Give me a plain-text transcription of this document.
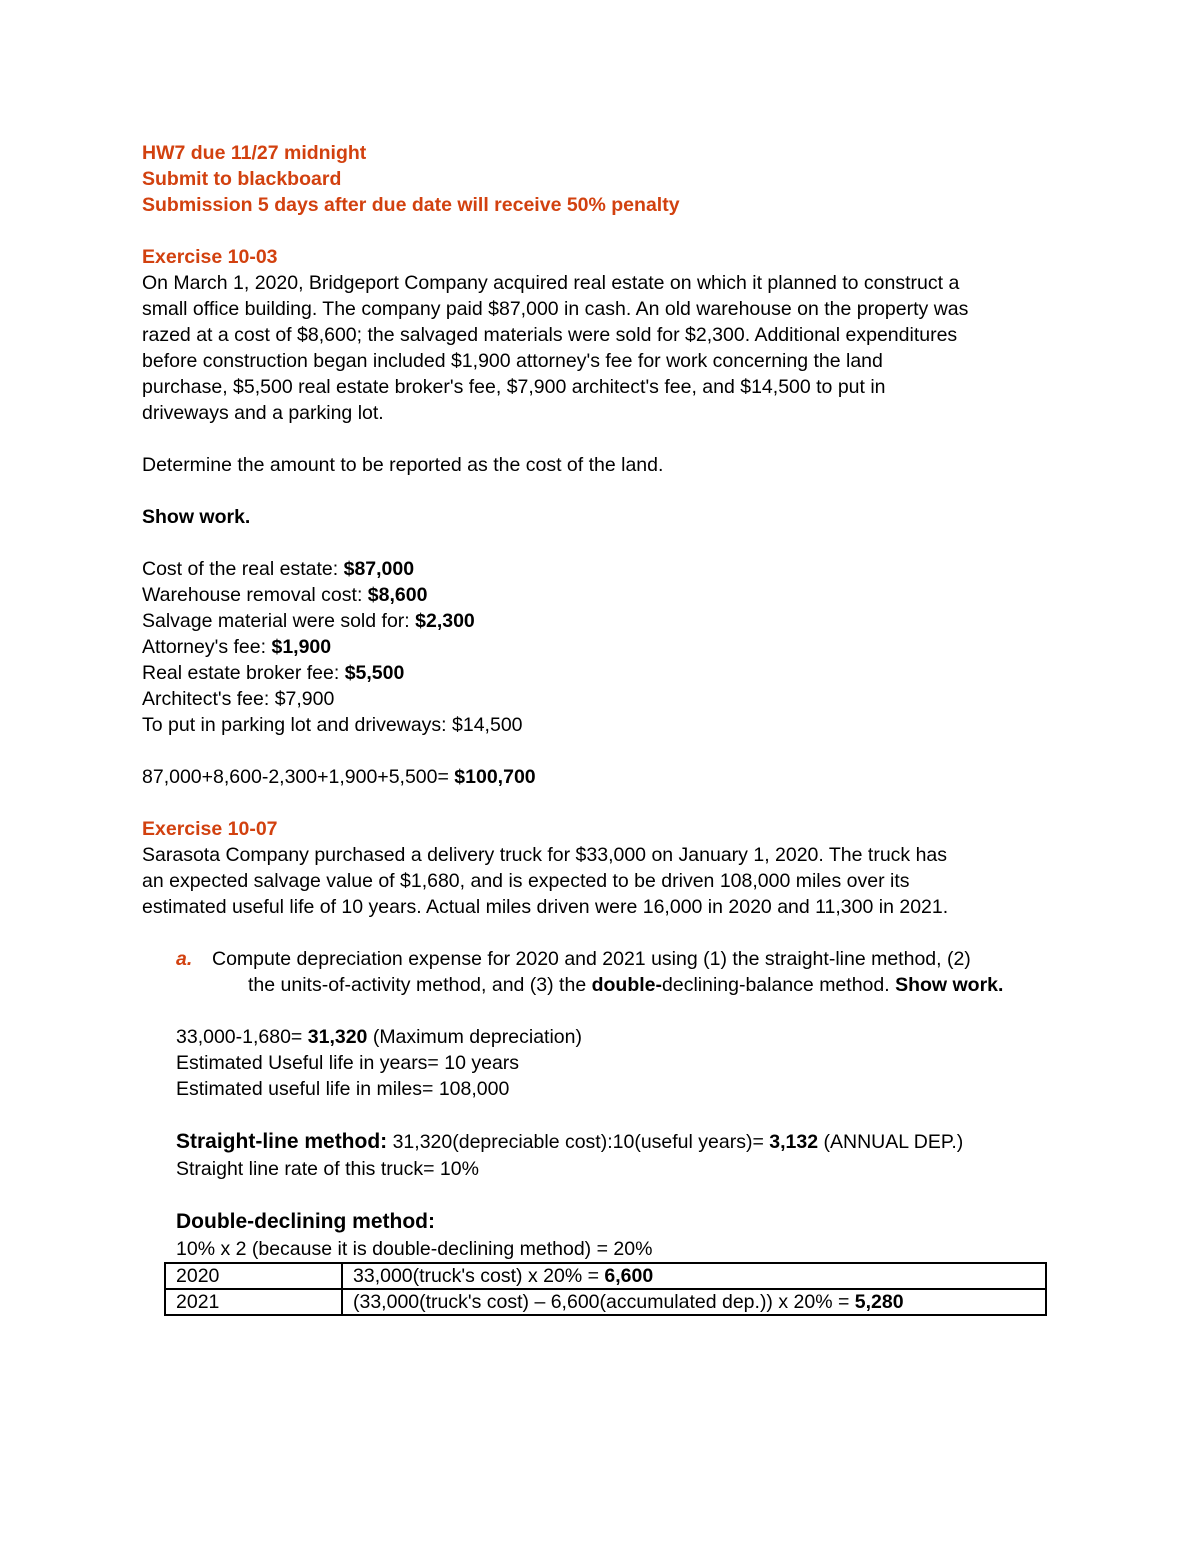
HW7 due 11/27 midnight

Submit to blackboard

Submission 5 days after due date will receive 50% penalty

Exercise 10-03

On March 1, 2020, Bridgeport Company acquired real estate on which it planned to construct a

small office building. The company paid $87,000 in cash. An old warehouse on the property was

razed at a cost of $8,600; the salvaged materials were sold for $2,300. Additional expenditures

before construction began included $1,900 attorney's fee for work concerning the land

purchase, $5,500 real estate broker's fee, $7,900 architect's fee, and $14,500 to put in

driveways and a parking lot.

Determine the amount to be reported as the cost of the land.

Show work.

Cost of the real estate: $87,000

Warehouse removal cost: $8,600

Salvage material were sold for: $2,300

Attorney's fee: $1,900

Real estate broker fee: $5,500

Architect's fee: $7,900

To put in parking lot and driveways: $14,500

87,000+8,600-2,300+1,900+5,500= $100,700

Exercise 10-07

Sarasota Company purchased a delivery truck for $33,000 on January 1, 2020. The truck has

an expected salvage value of $1,680, and is expected to be driven 108,000 miles over its

estimated useful life of 10 years. Actual miles driven were 16,000 in 2020 and 11,300 in 2021.

a. Compute depreciation expense for 2020 and 2021 using (1) the straight-line method, (2)

the units-of-activity method, and (3) the double-declining-balance method. Show work.

33,000-1,680= 31,320 (Maximum depreciation)

Estimated Useful life in years= 10 years

Estimated useful life in miles= 108,000

Straight-line method: 31,320(depreciable cost):10(useful years)= 3,132 (ANNUAL DEP.)

Straight line rate of this truck= 10%

Double-declining method:

10% x 2 (because it is double-declining method) = 20%

2020	33,000(truck's cost) x 20% = 6,600
2021	(33,000(truck's cost) – 6,600(accumulated dep.)) x 20% = 5,280
